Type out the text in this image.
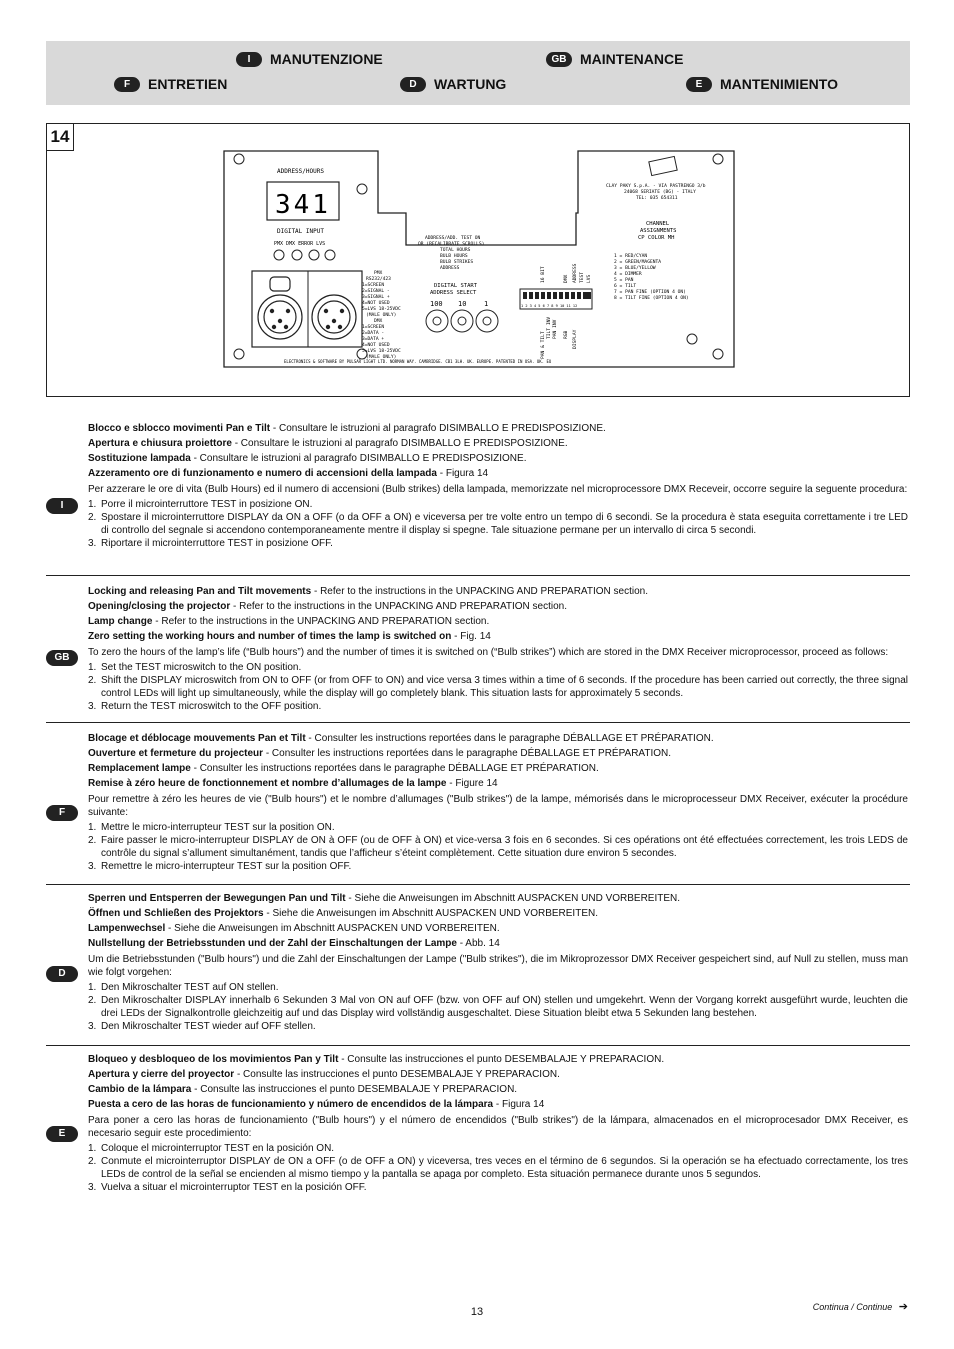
I	MANUTENZIONE	GB MAINTENANCE
F	ENTRETIEN	D	WARTUNG	E	MANTENIMIENTO
14
ADDRESS/HOURS
341
DIGITAL INPUT
PMX DMX ERROR LVS
PMX
RS232/423
1=SCREEN
2=SIGNAL -
3=SIGNAL +
4=NOT USED
5=LVS 18-25VDC
(MALE ONLY)
DMX
1=SCREEN
2=DATA -
3=DATA +
4=NOT USED
5=LVS 18-25VDC
(MALE ONLY)
ADDRESS/ADD. TEST ON
OR (RECALIBRATE SCROLLS)
TOTAL HOURS
BULB HOURS
BULB STRIKES
ADDRESS
DIGITAL START
ADDRESS SELECT
100 10	1
16 BIT	DMX ADDRESS TEST LVS
1 2 3 4 5 6 7 8 9 10 11 12
PAN & TILT
TILT INV PAN INV RGB DISPLAY
CLAY PAKY S.p.A. - VIA PASTRENGO 3/b
24068 SERIATE (BG) - ITALY
TEL: 035 654311
CHANNEL
ASSIGNMENTS
CP COLOR MH
1 = RED/CYAN
2 = GREEN/MAGENTA
3 = BLUE/YELLOW
4 = DIMMER
5 = PAN
6 = TILT
7 = PAN FINE (OPTION 4 ON)
8 = TILT FINE (OPTION 4 ON)
ELECTRONICS & SOFTWARE BY PULSAR LIGHT LTD. NORMAN WAY. CAMBRIDGE. CB1 3LH. UK. EUROPE. PATENTED IN USA. UK. EU
I

Blocco e sblocco movimenti Pan e Tilt - Consultare le istruzioni al paragrafo DISIMBALLO E PREDISPOSIZIONE.

Apertura e chiusura proiettore - Consultare le istruzioni al paragrafo DISIMBALLO E PREDISPOSIZIONE.

Sostituzione lampada - Consultare le istruzioni al paragrafo DISIMBALLO E PREDISPOSIZIONE.

Azzeramento ore di funzionamento e numero di accensioni della lampada - Figura 14

Per azzerare le ore di vita (Bulb Hours) ed il numero di accensioni (Bulb strikes) della lampada, memorizzate nel microprocessore DMX Receveir, occorre seguire la seguente procedura:

1. Porre il microinterruttore TEST in posizione ON.
2. Spostare il microinterruttore DISPLAY da ON a OFF (o da OFF a ON) e viceversa per tre volte entro un tempo di 6 secondi. Se la procedura è stata eseguita correttamente i tre LED di controllo del segnale si accendono contemporaneamente mentre il display si spegne. Tale situazione permane per un intervallo di circa 5 secondi.
3. Riportare il microinterruttore TEST in posizione OFF.
GB

Locking and releasing Pan and Tilt movements - Refer to the instructions in the UNPACKING AND PREPARATION section.

Opening/closing the projector - Refer to the instructions in the UNPACKING AND PREPARATION section.

Lamp change - Refer to the instructions in the UNPACKING AND PREPARATION section.

Zero setting the working hours and number of times the lamp is switched on - Fig. 14

To zero the hours of the lamp’s life (“Bulb hours”) and the number of times it is switched on (“Bulb strikes”) which are stored in the DMX Receiver microprocessor, proceed as follows:

1. Set the TEST microswitch to the ON position.
2. Shift the DISPLAY microswitch from ON to OFF (or from OFF to ON) and vice versa 3 times within a time of 6 seconds. If the procedure has been carried out correctly, the three signal control LEDs will light up simultaneously, while the display will go completely blank. This situation lasts for approximately 5 seconds.
3. Return the TEST microswitch to the OFF position.
F

Blocage et déblocage mouvements Pan et Tilt - Consulter les instructions reportées dans le paragraphe DÉBALLAGE ET PRÉPARATION.

Ouverture et fermeture du projecteur - Consulter les instructions reportées dans le paragraphe DÉBALLAGE ET PRÉPARATION.

Remplacement lampe - Consulter les instructions reportées dans le paragraphe DÉBALLAGE ET PRÉPARATION.

Remise à zéro heure de fonctionnement et nombre d’allumages de la lampe - Figure 14

Pour remettre à zéro les heures de vie ("Bulb hours") et le nombre d’allumages ("Bulb strikes") de la lampe, mémorisés dans le microprocesseur DMX Receiver, exécuter la procédure suivante:

1. Mettre le micro-interrupteur TEST sur la position ON.
2. Faire passer le micro-interrupteur DISPLAY de ON à OFF (ou de OFF à ON) et vice-versa 3 fois en 6 secondes. Si ces opérations ont été effectuées correctement, les trois LEDS de contrôle du signal s’allument simultanément, tandis que l’afficheur s’éteint complètement. Cette situation dure environ 5 secondes.
3. Remettre le micro-interrupteur TEST sur la position OFF.
D

Sperren und Entsperren der Bewegungen Pan und Tilt - Siehe die Anweisungen im Abschnitt AUSPACKEN UND VORBEREITEN.

Öffnen und Schließen des Projektors - Siehe die Anweisungen im Abschnitt AUSPACKEN UND VORBEREITEN.

Lampenwechsel - Siehe die Anweisungen im Abschnitt AUSPACKEN UND VORBEREITEN.

Nullstellung der Betriebsstunden und der Zahl der Einschaltungen der Lampe - Abb. 14

Um die Betriebsstunden ("Bulb hours") und die Zahl der Einschaltungen der Lampe ("Bulb strikes"), die im Mikroprozessor DMX Receiver gespeichert sind, auf Null zu stellen, muss man wie folgt vorgehen:

1. Den Mikroschalter TEST auf ON stellen.
2. Den Mikroschalter DISPLAY innerhalb 6 Sekunden 3 Mal von ON auf OFF (bzw. von OFF auf ON) stellen und umgekehrt. Wenn der Vorgang korrekt ausgeführt wurde, leuchten die drei LEDs der Signalkontrolle gleichzeitig auf und das Display wird vollständig ausgeschaltet. Diese Situation bleibt etwa 5 Sekunden lang bestehen.
3. Den Mikroschalter TEST wieder auf OFF stellen.
E

Bloqueo y desbloqueo de los movimientos Pan y Tilt - Consulte las instrucciones el punto DESEMBALAJE Y PREPARACION.

Apertura y cierre del proyector - Consulte las instrucciones el punto DESEMBALAJE Y PREPARACION.

Cambio de la lámpara - Consulte las instrucciones el punto DESEMBALAJE Y PREPARACION.

Puesta a cero de las horas de funcionamiento y número de encendidos de la lámpara - Figura 14

Para poner a cero las horas de funcionamiento ("Bulb hours") y el número de encendidos ("Bulb strikes") de la lámpara, almacenados en el microprocesador DMX Receiver, es necesario seguir este procedimiento:

1. Coloque el microinterruptor TEST en la posición ON.
2. Conmute el microinterruptor DISPLAY de ON a OFF (o de OFF a ON) y viceversa, tres veces en el término de 6 segundos. Si la operación se ha efectuado correctamente, los tres LEDs de control de la señal se encienden al mismo tiempo y la pantalla se apaga por completo. Esta situación permanece durante unos 5 segundos.
3. Vuelva a situar el microinterruptor TEST en la posición OFF.
13	Continua / Continue ➔
